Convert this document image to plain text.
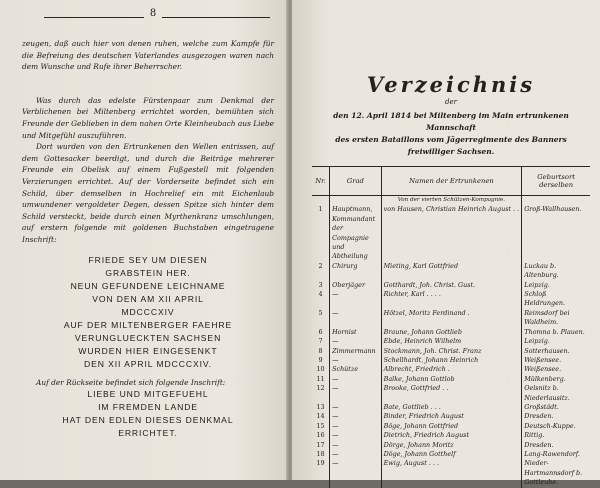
8

zeugen, daß auch hier von denen ruhen, welche zum Kampfe für die Befreiung des deutschen Vaterlandes ausgezogen waren nach dem Wunsche und Rufe ihrer Beherrscher.

Was durch das edelste Fürstenpaar zum Denkmal der Verblichenen bei Miltenberg errichtet worden, bemühten sich Freunde der Geblieben in dem nahen Orte Kleinheubach aus Liebe und Mitgefühl auszuführen.

Dort wurden von den Ertrunkenen den Wellen entrissen, auf dem Gottesacker beerdigt, und durch die Beiträge mehrerer Freunde ein Obelisk auf einem Fußgestell mit folgenden Verzierungen errichtet. Auf der Vorderseite befindet sich ein Schild, über demselben in Hochrelief ein mit Eichenlaub umwundener vergoldeter Degen, dessen Spitze sich hinter dem Schild versteckt, beide durch einen Myrthenkranz umschlungen, auf erstern folgende mit goldenen Buchstaben eingetragene Inschrift:

FRIEDE SEY UM DIESEN

GRABSTEIN HER.

NEUN GEFUNDENE LEICHNAME

VON DEN AM XII APRIL

MDCCCXIV

AUF DER MILTENBERGER FAEHRE

VERUNGLUECKTEN SACHSEN

WURDEN HIER EINGESENKT

DEN XII APRIL MDCCCXIV.

Auf der Rückseite befindet sich folgende Inschrift:

LIEBE UND MITGEFUEHL

IM FREMDEN LANDE

HAT DEN EDLEN DIESES DENKMAL

ERRICHTET.

Verzeichnis
der
den 12. April 1814 bei Miltenberg im Main ertrunkenen Mannschaft
des ersten Bataillons vom Jägerregimente des Banners freiwilliger Sachsen.
Nr.	Grad	Namen der Ertrunkenen	Geburtsort derselben
		Von der vierten Schützen-Kompagnie.	
1	Hauptmann, Kommandant der Compagnie und Abtheilung	von Hausen, Christian Heinrich August . .	Groß-Wallhausen.
2	Chirurg	Mieting, Karl Gottfried	Luckau b. Altenburg.
3	Oberjäger	Gotthardt, Joh. Christ. Gust.	Leipzig.
4	—	Richter, Karl . . . .	Schloß Heldrungen.
5	—	Hötzel, Moritz Ferdinand .	Reimsdorf bei Waldheim.
6	Hornist	Braune, Johann Gottlieb	Thomna b. Plauen.
7	—	Ebde, Heinrich Wilhelm	Leipzig.
8	Zimmermann	Stockmann, Joh. Christ. Franz	Sotterhausen.
9	—	Schellhardt, Johann Heinrich	Weißensee.
10	Schütze	Albrecht, Friedrich .	Weißensee.
11	—	Balke, Johann Gottlob	Mülkenberg.
12	—	Brooke, Gottfried . .	Oelsnitz b. Niederlausitz.
13	—	Bate, Gottlieb . . .	Großstädt.
14	—	Binder, Friedrich August	Dresden.
15	—	Böge, Johann Gottfried	Deutsch-Kuppe.
16	—	Dietrich, Friedrich August	Rittig.
17	—	Dörge, Johann Moritz	Dresden.
18	—	Döge, Johann Gotthelf	Lang-Rawendorf.
19	—	Ewig, August . . .	Nieder-Hartmannsdorf b. Gottleube.
